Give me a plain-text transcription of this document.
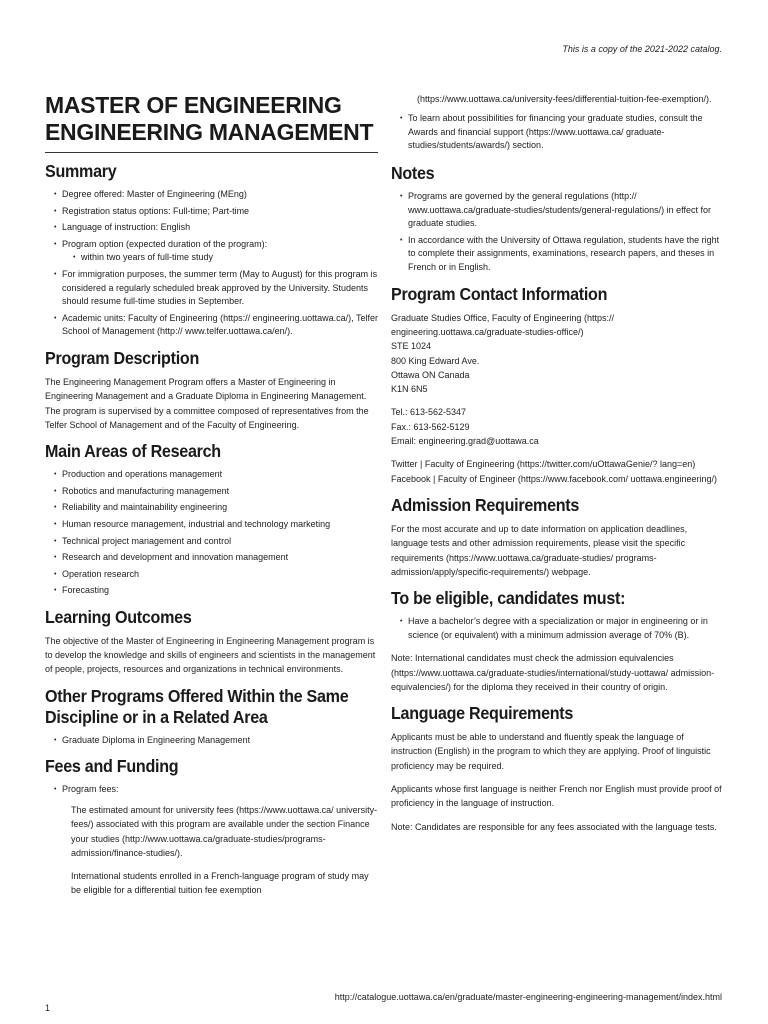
This is a copy of the 2021-2022 catalog.
MASTER OF ENGINEERING
ENGINEERING MANAGEMENT
Summary
• Degree offered: Master of Engineering (MEng)
• Registration status options: Full-time; Part-time
• Language of instruction: English
• Program option (expected duration of the program):
• within two years of full-time study
• For immigration purposes, the summer term (May to August) for this program is considered a regularly scheduled break approved by the University. Students should resume full-time studies in September.
• Academic units: Faculty of Engineering (https:// engineering.uottawa.ca/), Telfer School of Management (http:// www.telfer.uottawa.ca/en/).
Program Description

The Engineering Management Program offers a Master of Engineering in Engineering Management and a Graduate Diploma in Engineering Management. The program is supervised by a committee composed of representatives from the Telfer School of Management and of the Faculty of Engineering.

Main Areas of Research
• Production and operations management
• Robotics and manufacturing management
• Reliability and maintainability engineering
• Human resource management, industrial and technology marketing
• Technical project management and control
• Research and development and innovation management
• Operation research
• Forecasting
Learning Outcomes

The objective of the Master of Engineering in Engineering Management program is to develop the knowledge and skills of engineers and scientists in the management of people, projects, resources and organizations in technical environments.

Other Programs Offered Within the Same Discipline or in a Related Area
• Graduate Diploma in Engineering Management
Fees and Funding
• Program fees:

The estimated amount for university fees (https://www.uottawa.ca/ university-fees/) associated with this program are available under the section Finance your studies (http://www.uottawa.ca/graduate-studies/programs-admission/finance-studies/).

International students enrolled in a French-language program of study may be eligible for a differential tuition fee exemption

(https://www.uottawa.ca/university-fees/differential-tuition-fee-exemption/).

• To learn about possibilities for financing your graduate studies, consult the Awards and financial support (https://www.uottawa.ca/ graduate-studies/students/awards/) section.
Notes
• Programs are governed by the general regulations (http:// www.uottawa.ca/graduate-studies/students/general-regulations/) in effect for graduate studies.
• In accordance with the University of Ottawa regulation, students have the right to complete their assignments, examinations, research papers, and theses in French or in English.
Program Contact Information

Graduate Studies Office, Faculty of Engineering (https:// engineering.uottawa.ca/graduate-studies-office/)

STE 1024

800 King Edward Ave.

Ottawa ON Canada

K1N 6N5

Tel.: 613-562-5347

Fax.: 613-562-5129

Email: engineering.grad@uottawa.ca

Twitter | Faculty of Engineering (https://twitter.com/uOttawaGenie/? lang=en)

Facebook | Faculty of Engineer (https://www.facebook.com/ uottawa.engineering/)

Admission Requirements

For the most accurate and up to date information on application deadlines, language tests and other admission requirements, please visit the specific requirements (https://www.uottawa.ca/graduate-studies/ programs-admission/apply/specific-requirements/) webpage.

To be eligible, candidates must:
• Have a bachelor’s degree with a specialization or major in engineering or in science (or equivalent) with a minimum admission average of 70% (B).

Note: International candidates must check the admission equivalencies (https://www.uottawa.ca/graduate-studies/international/study-uottawa/ admission-equivalencies/) for the diploma they received in their country of origin.

Language Requirements

Applicants must be able to understand and fluently speak the language of instruction (English) in the program to which they are applying. Proof of linguistic proficiency may be required.

Applicants whose first language is neither French nor English must provide proof of proficiency in the language of instruction.

Note: Candidates are responsible for any fees associated with the language tests.

http://catalogue.uottawa.ca/en/graduate/master-engineering-engineering-management/index.html
1
